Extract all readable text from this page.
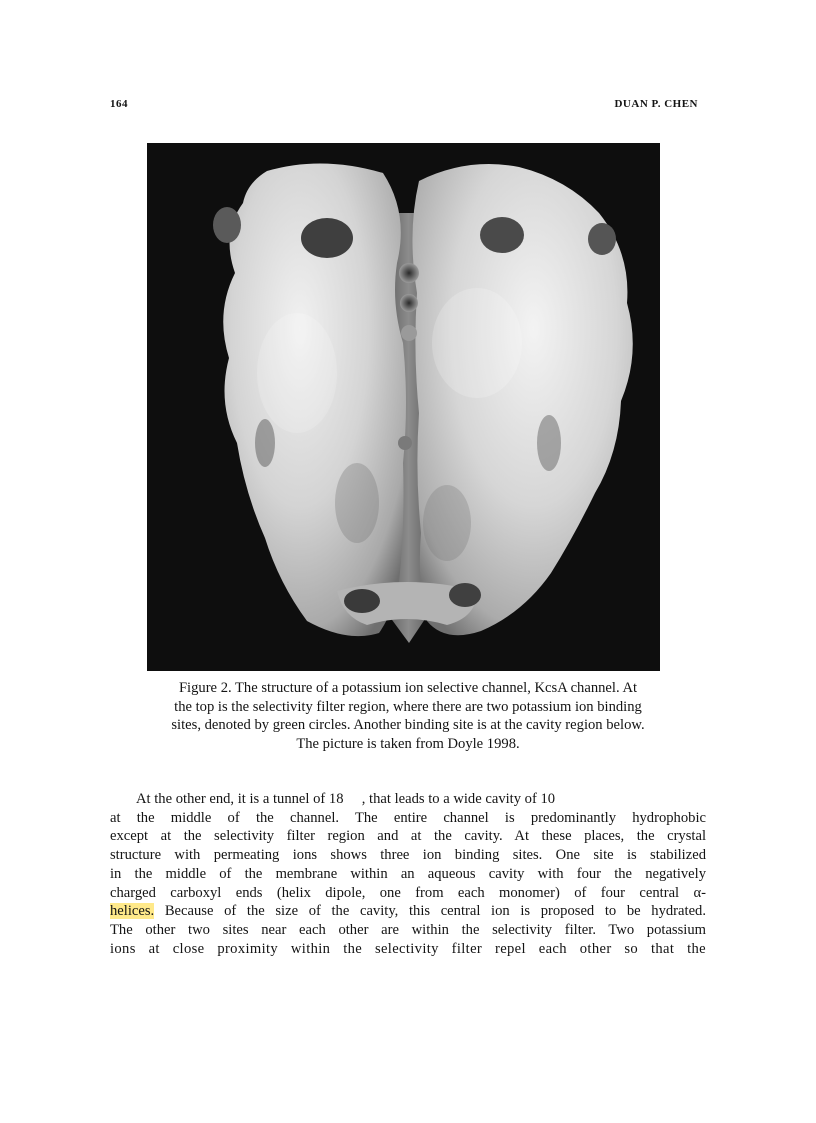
164	DUAN P. CHEN
Figure 2. The structure of a potassium ion selective channel, KcsA channel. At
the top is the selectivity filter region, where there are two potassium ion binding
sites, denoted by green circles. Another binding site is at the cavity region below.
The picture is taken from Doyle 1998.
At the other end, it is a tunnel of 18     , that leads to a wide cavity of 10
at the middle of the channel. The entire channel is predominantly hydrophobic
except at the selectivity filter region and at the cavity. At these places, the crystal
structure with permeating ions shows three ion binding sites. One site is stabilized
in the middle of the membrane within an aqueous cavity with four the negatively
charged carboxyl ends (helix dipole, one from each monomer) of four central α-
helices. Because of the size of the cavity, this central ion is proposed to be hydrated.
The other two sites near each other are within the selectivity filter. Two potassium
ions at close proximity within the selectivity filter repel each other so that the
